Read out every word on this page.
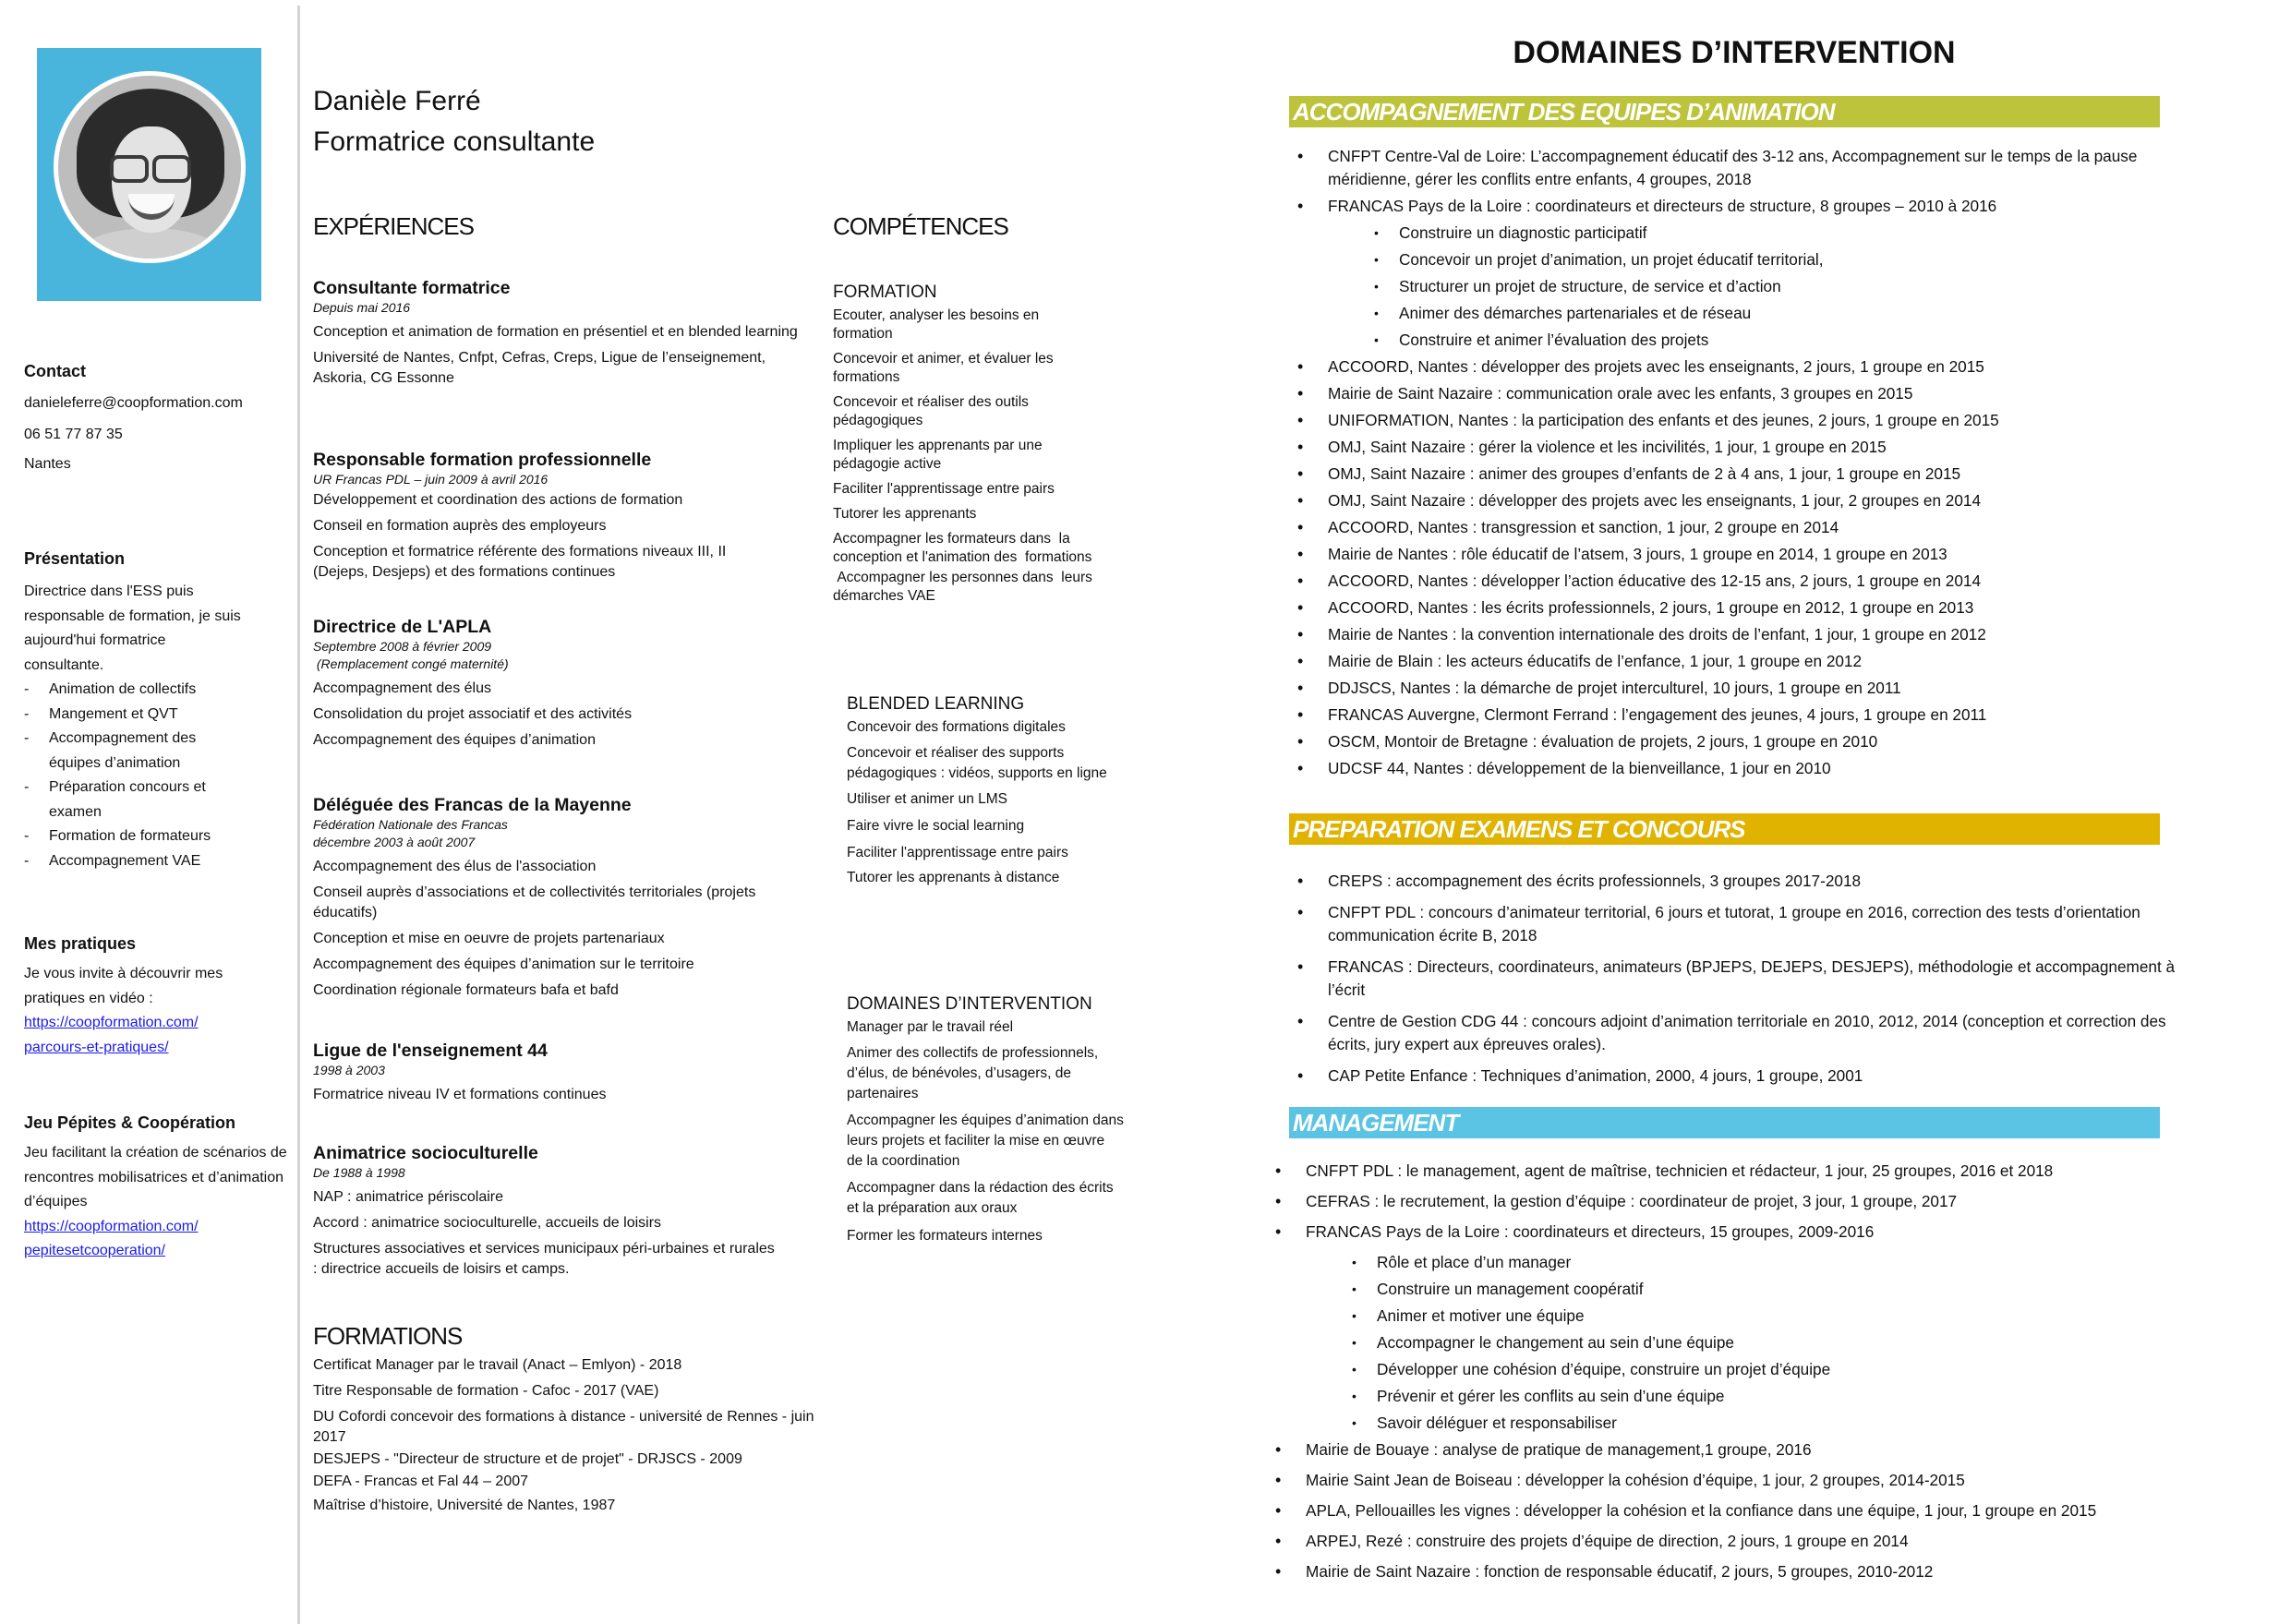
Contact
danieleferre@coopformation.com
06 51 77 87 35
Nantes
Présentation
Directrice dans l'ESS puis responsable de formation, je suis aujourd'hui formatrice consultante.
- Animation de collectifs
- Mangement et QVT
- Accompagnement des équipes d’animation
- Préparation concours et examen
- Formation de formateurs
- Accompagnement VAE
Mes pratiques
Je vous invite à découvrir mes pratiques en vidéo :
https://coopformation.com/
parcours-et-pratiques/
Jeu Pépites & Coopération
Jeu facilitant la création de scénarios de rencontres mobilisatrices et d’animation d’équipes
https://coopformation.com/
pepitesetcooperation/
Danièle Ferré
Formatrice consultante
EXPÉRIENCES
Consultante formatrice
Depuis mai 2016
Conception et animation de formation en présentiel et en blended learning
Université de Nantes, Cnfpt, Cefras, Creps, Ligue de l’enseignement, Askoria, CG Essonne
Responsable formation professionnelle
UR Francas PDL – juin 2009 à avril 2016
Développement et coordination des actions de formation
Conseil en formation auprès des employeurs
Conception et formatrice référente des formations niveaux III, II (Dejeps, Desjeps) et des formations continues
Directrice de L'APLA
Septembre 2008 à février 2009
(Remplacement congé maternité)
Accompagnement des élus
Consolidation du projet associatif et des activités
Accompagnement des équipes d’animation
Déléguée des Francas de la Mayenne
Fédération Nationale des Francas
décembre 2003 à août 2007
Accompagnement des élus de l'association
Conseil auprès d’associations et de collectivités territoriales (projets éducatifs)
Conception et mise en oeuvre de projets partenariaux
Accompagnement des équipes d’animation sur le territoire
Coordination régionale formateurs bafa et bafd
Ligue de l'enseignement 44
1998 à 2003
Formatrice niveau IV et formations continues
Animatrice socioculturelle
De 1988 à 1998
NAP : animatrice périscolaire
Accord : animatrice socioculturelle, accueils de loisirs
Structures associatives et services municipaux péri-urbaines et rurales : directrice accueils de loisirs et camps.
FORMATIONS
Certificat Manager par le travail (Anact – Emlyon) - 2018
Titre Responsable de formation - Cafoc - 2017 (VAE)
DU Cofordi concevoir des formations à distance - université de Rennes - juin 2017
DESJEPS - "Directeur de structure et de projet" - DRJSCS - 2009
DEFA - Francas et Fal 44 – 2007
Maîtrise d’histoire, Université de Nantes, 1987
COMPÉTENCES
FORMATION
Ecouter, analyser les besoins en formation
Concevoir et animer, et évaluer les formations
Concevoir et réaliser des outils pédagogiques
Impliquer les apprenants par une pédagogie active
Faciliter l'apprentissage entre pairs
Tutorer les apprenants
Accompagner les formateurs dans  la conception et l'animation des  formations
Accompagner les personnes dans  leurs démarches VAE
BLENDED LEARNING
Concevoir des formations digitales
Concevoir et réaliser des supports pédagogiques : vidéos, supports en ligne
Utiliser et animer un LMS
Faire vivre le social learning
Faciliter l'apprentissage entre pairs
Tutorer les apprenants à distance
DOMAINES D’INTERVENTION
Manager par le travail réel
Animer des collectifs de professionnels, d’élus, de bénévoles, d’usagers, de partenaires
Accompagner les équipes d’animation dans leurs projets et faciliter la mise en œuvre de la coordination
Accompagner dans la rédaction des écrits et la préparation aux oraux
Former les formateurs internes
DOMAINES D’INTERVENTION
ACCOMPAGNEMENT DES EQUIPES D’ANIMATION
• CNFPT Centre-Val de Loire: L’accompagnement éducatif des 3-12 ans, Accompagnement sur le temps de la pause méridienne, gérer les conflits entre enfants, 4 groupes, 2018
• FRANCAS Pays de la Loire : coordinateurs et directeurs de structure, 8 groupes – 2010 à 2016
• Construire un diagnostic participatif
• Concevoir un projet d’animation, un projet éducatif territorial,
• Structurer un projet de structure, de service et d’action
• Animer des démarches partenariales et de réseau
• Construire et animer l’évaluation des projets
• ACCOORD, Nantes : développer des projets avec les enseignants, 2 jours, 1 groupe en 2015
• Mairie de Saint Nazaire : communication orale avec les enfants, 3 groupes en 2015
• UNIFORMATION, Nantes : la participation des enfants et des jeunes, 2 jours, 1 groupe en 2015
• OMJ, Saint Nazaire : gérer la violence et les incivilités, 1 jour, 1 groupe en 2015
• OMJ, Saint Nazaire : animer des groupes d’enfants de 2 à 4 ans, 1 jour, 1 groupe en 2015
• OMJ, Saint Nazaire : développer des projets avec les enseignants, 1 jour, 2 groupes en 2014
• ACCOORD, Nantes : transgression et sanction, 1 jour, 2 groupe en 2014
• Mairie de Nantes : rôle éducatif de l’atsem, 3 jours, 1 groupe en 2014, 1 groupe en 2013
• ACCOORD, Nantes : développer l’action éducative des 12-15 ans, 2 jours, 1 groupe en 2014
• ACCOORD, Nantes : les écrits professionnels, 2 jours, 1 groupe en 2012, 1 groupe en 2013
• Mairie de Nantes : la convention internationale des droits de l’enfant, 1 jour, 1 groupe en 2012
• Mairie de Blain : les acteurs éducatifs de l’enfance, 1 jour, 1 groupe en 2012
• DDJSCS, Nantes : la démarche de projet interculturel, 10 jours, 1 groupe en 2011
• FRANCAS Auvergne, Clermont Ferrand : l’engagement des jeunes, 4 jours, 1 groupe en 2011
• OSCM, Montoir de Bretagne : évaluation de projets, 2 jours, 1 groupe en 2010
• UDCSF 44, Nantes : développement de la bienveillance, 1 jour en 2010
PREPARATION EXAMENS ET CONCOURS
• CREPS : accompagnement des écrits professionnels, 3 groupes 2017-2018
• CNFPT PDL : concours d’animateur territorial, 6 jours et tutorat, 1 groupe en 2016, correction des tests d’orientation communication écrite B, 2018
• FRANCAS : Directeurs, coordinateurs, animateurs (BPJEPS, DEJEPS, DESJEPS), méthodologie et accompagnement à l’écrit
• Centre de Gestion CDG 44 : concours adjoint d’animation territoriale en 2010, 2012, 2014 (conception et correction des écrits, jury expert aux épreuves orales).
• CAP Petite Enfance : Techniques d’animation, 2000, 4 jours, 1 groupe, 2001
MANAGEMENT
• CNFPT PDL : le management, agent de maîtrise, technicien et rédacteur, 1 jour, 25 groupes, 2016 et 2018
• CEFRAS : le recrutement, la gestion d’équipe : coordinateur de projet, 3 jour, 1 groupe, 2017
• FRANCAS Pays de la Loire : coordinateurs et directeurs, 15 groupes, 2009-2016
• Rôle et place d’un manager
• Construire un management coopératif
• Animer et motiver une équipe
• Accompagner le changement au sein d’une équipe
• Développer une cohésion d’équipe, construire un projet d’équipe
• Prévenir et gérer les conflits au sein d’une équipe
• Savoir déléguer et responsabiliser
• Mairie de Bouaye : analyse de pratique de management,1 groupe, 2016
• Mairie Saint Jean de Boiseau : développer la cohésion d’équipe, 1 jour, 2 groupes, 2014-2015
• APLA, Pellouailles les vignes : développer la cohésion et la confiance dans une équipe, 1 jour, 1 groupe en 2015
• ARPEJ, Rezé : construire des projets d’équipe de direction, 2 jours, 1 groupe en 2014
• Mairie de Saint Nazaire : fonction de responsable éducatif, 2 jours, 5 groupes, 2010-2012
